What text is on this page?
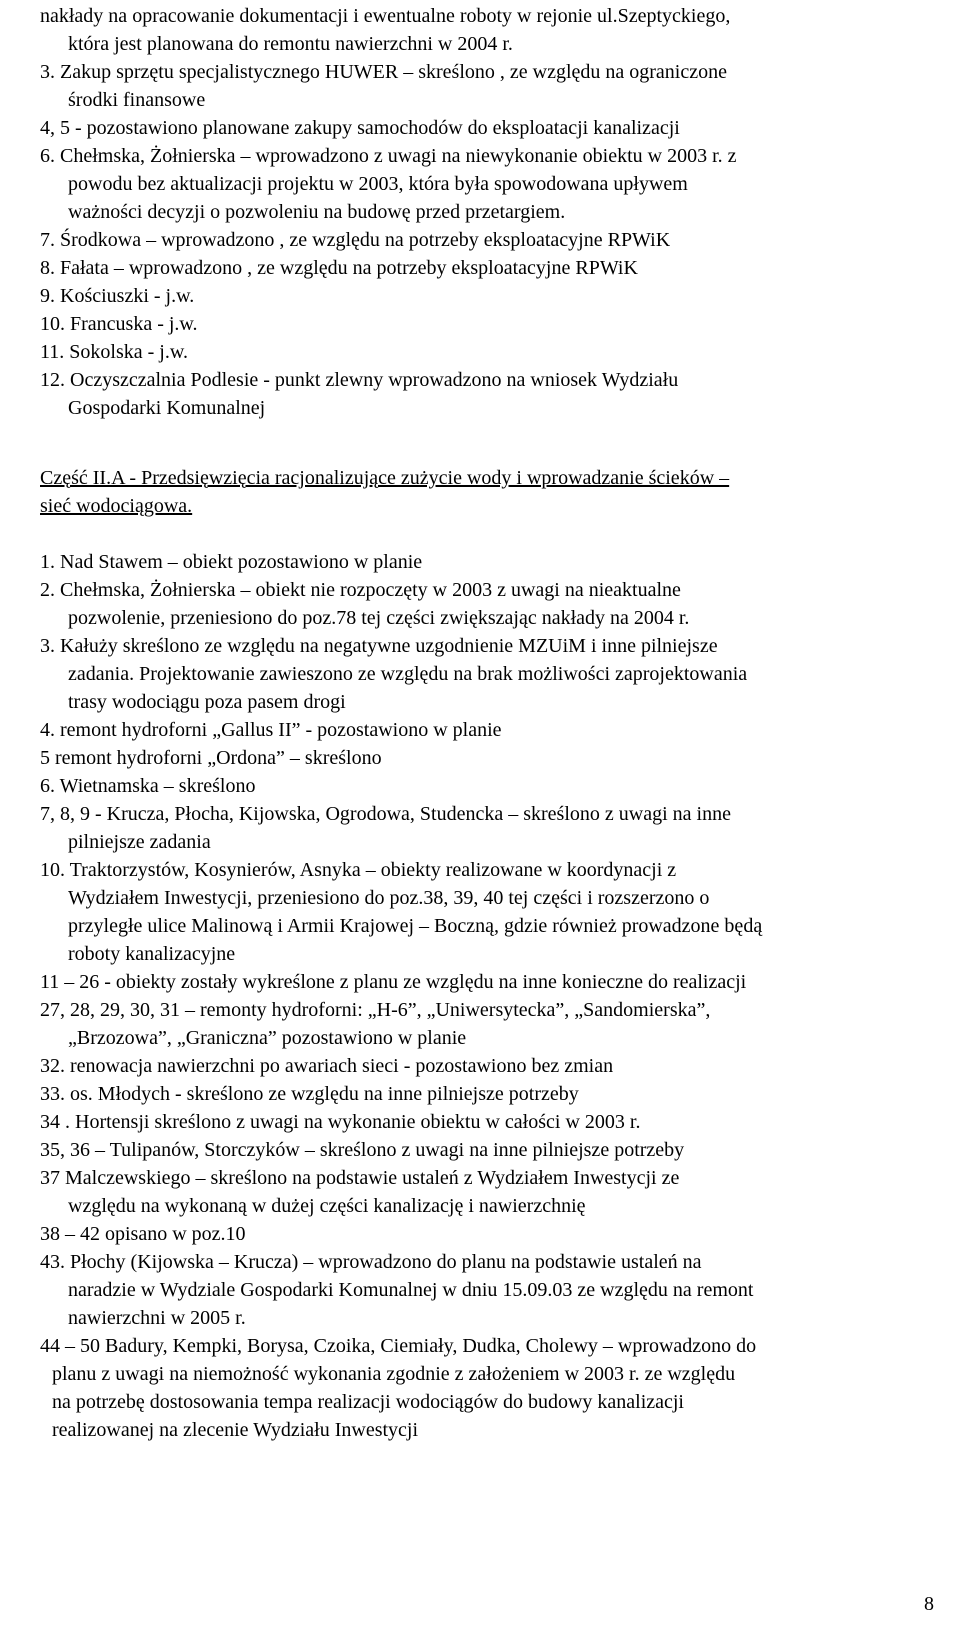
nakłady na opracowanie dokumentacji i ewentualne roboty w rejonie ul.Szeptyckiego,
która jest planowana do remontu nawierzchni w 2004 r.
3. Zakup sprzętu specjalistycznego HUWER – skreślono , ze względu na ograniczone
środki finansowe
4, 5 - pozostawiono planowane zakupy samochodów do eksploatacji kanalizacji
6. Chełmska, Żołnierska – wprowadzono z uwagi na niewykonanie obiektu w 2003 r. z
powodu bez aktualizacji projektu w 2003, która była spowodowana upływem
ważności decyzji o pozwoleniu na budowę przed przetargiem.
7. Środkowa – wprowadzono , ze względu na potrzeby eksploatacyjne RPWiK
8. Fałata – wprowadzono , ze względu na potrzeby eksploatacyjne RPWiK
9. Kościuszki - j.w.
10. Francuska - j.w.
11. Sokolska - j.w.
12. Oczyszczalnia Podlesie - punkt zlewny wprowadzono na wniosek Wydziału
Gospodarki Komunalnej
Część II.A - Przedsięwzięcia racjonalizujące zużycie wody i wprowadzanie ścieków –
sieć wodociągowa.
1. Nad Stawem – obiekt pozostawiono w planie
2. Chełmska, Żołnierska – obiekt nie rozpoczęty w 2003 z uwagi na nieaktualne
pozwolenie, przeniesiono do poz.78 tej części zwiększając nakłady na 2004 r.
3. Kałuży skreślono ze względu na negatywne uzgodnienie MZUiM i inne pilniejsze
zadania. Projektowanie zawieszono ze względu na brak możliwości zaprojektowania
trasy wodociągu poza pasem drogi
4. remont hydroforni „Gallus II” - pozostawiono w planie
5 remont hydroforni „Ordona” – skreślono
6. Wietnamska – skreślono
7, 8, 9 - Krucza, Płocha, Kijowska, Ogrodowa, Studencka – skreślono z uwagi na inne
pilniejsze zadania
10. Traktorzystów, Kosynierów, Asnyka – obiekty realizowane w koordynacji z
Wydziałem Inwestycji, przeniesiono do poz.38, 39, 40 tej części i rozszerzono o
przyległe ulice Malinową i Armii Krajowej – Boczną, gdzie również prowadzone będą
roboty kanalizacyjne
11 – 26 - obiekty zostały wykreślone z planu ze względu na inne konieczne do realizacji
27, 28, 29, 30, 31 – remonty hydroforni: „H-6”, „Uniwersytecka”, „Sandomierska”,
„Brzozowa”, „Graniczna” pozostawiono w planie
32. renowacja nawierzchni po awariach sieci - pozostawiono bez zmian
33. os. Młodych - skreślono ze względu na inne pilniejsze potrzeby
34 . Hortensji skreślono z uwagi na wykonanie obiektu w całości w 2003 r.
35, 36 – Tulipanów, Storczyków – skreślono z uwagi na inne pilniejsze potrzeby
37 Malczewskiego – skreślono na podstawie ustaleń z Wydziałem Inwestycji ze
względu na wykonaną w dużej części kanalizację i nawierzchnię
38 – 42 opisano w poz.10
43. Płochy (Kijowska – Krucza) – wprowadzono do planu na podstawie ustaleń na
naradzie w Wydziale Gospodarki Komunalnej w dniu 15.09.03 ze względu na remont
nawierzchni w 2005 r.
44 – 50 Badury, Kempki, Borysa, Czoika, Ciemiały, Dudka, Cholewy – wprowadzono do
planu z uwagi na niemożność wykonania zgodnie z założeniem w 2003 r. ze względu
na potrzebę dostosowania tempa realizacji wodociągów do budowy kanalizacji
realizowanej na zlecenie Wydziału Inwestycji
8
